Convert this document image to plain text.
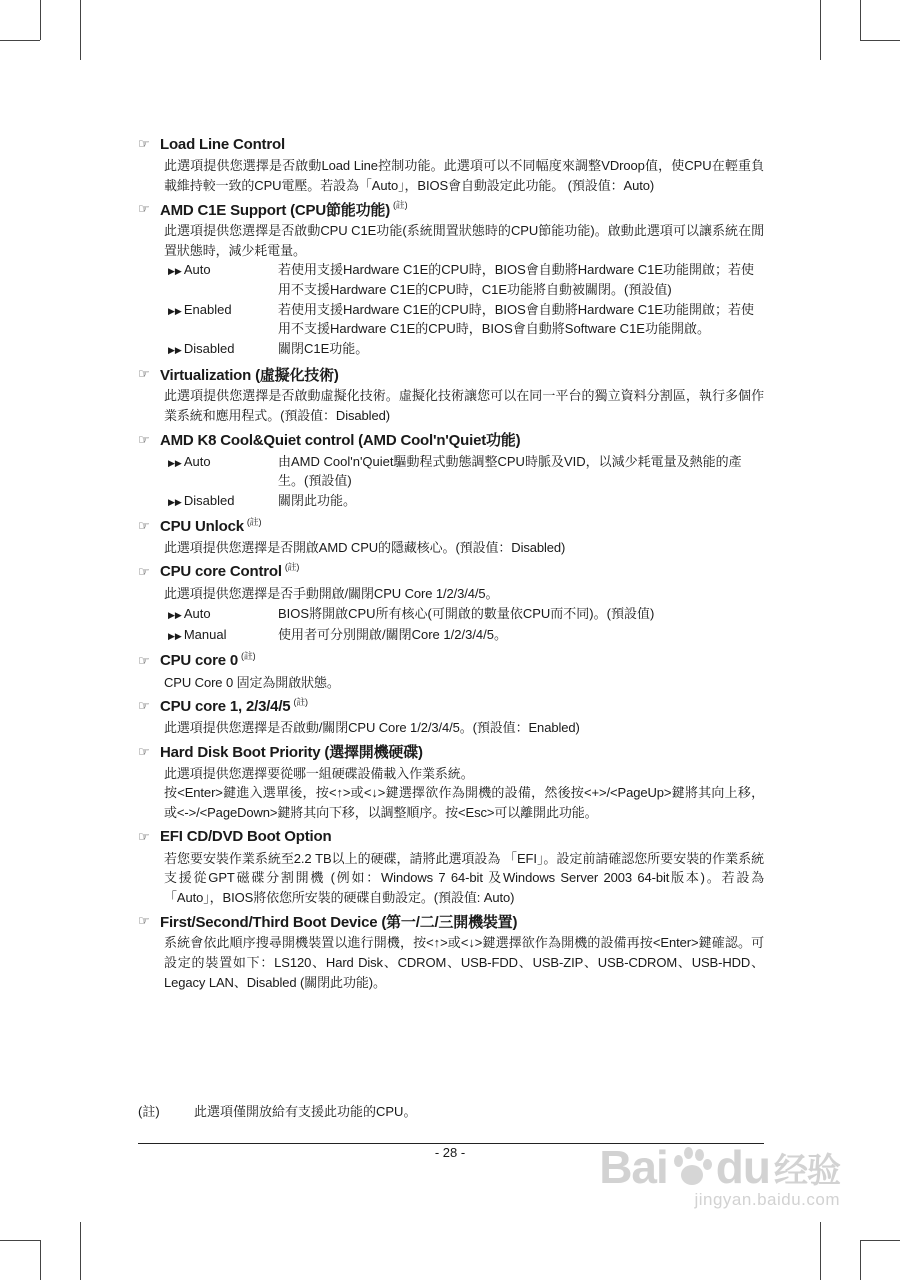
☞ Load Line Control
此選項提供您選擇是否啟動Load Line控制功能。此選項可以不同幅度來調整VDroop值，使CPU在輕重負載維持較一致的CPU電壓。若設為「Auto」，BIOS會自動設定此功能。 (預設值：Auto)
☞ AMD C1E Support (CPU節能功能) (註)
此選項提供您選擇是否啟動CPU C1E功能(系統閒置狀態時的CPU節能功能)。啟動此選項可以讓系統在閒置狀態時，減少耗電量。
▶▶ Auto	若使用支援Hardware C1E的CPU時，BIOS會自動將Hardware C1E功能開啟；若使用不支援Hardware C1E的CPU時，C1E功能將自動被關閉。(預設值)
▶▶ Enabled	若使用支援Hardware C1E的CPU時，BIOS會自動將Hardware C1E功能開啟；若使用不支援Hardware C1E的CPU時，BIOS會自動將Software C1E功能開啟。
▶▶ Disabled	關閉C1E功能。
☞ Virtualization (虛擬化技術)
此選項提供您選擇是否啟動虛擬化技術。虛擬化技術讓您可以在同一平台的獨立資料分割區，執行多個作業系統和應用程式。(預設值：Disabled)
☞ AMD K8 Cool&Quiet control (AMD Cool'n'Quiet功能)
▶▶ Auto	由AMD Cool'n'Quiet驅動程式動態調整CPU時脈及VID，以減少耗電量及熱能的產生。(預設值)
▶▶ Disabled	關閉此功能。
☞ CPU Unlock (註)
此選項提供您選擇是否開啟AMD CPU的隱藏核心。(預設值：Disabled)
☞ CPU core Control (註)
此選項提供您選擇是否手動開啟/關閉CPU Core 1/2/3/4/5。
▶▶ Auto	BIOS將開啟CPU所有核心(可開啟的數量依CPU而不同)。(預設值)
▶▶ Manual	使用者可分別開啟/關閉Core 1/2/3/4/5。
☞ CPU core 0 (註)
CPU Core 0 固定為開啟狀態。
☞ CPU core 1, 2/3/4/5 (註)
此選項提供您選擇是否啟動/關閉CPU Core 1/2/3/4/5。(預設值：Enabled)
☞ Hard Disk Boot Priority (選擇開機硬碟)
此選項提供您選擇要從哪一組硬碟設備載入作業系統。
按<Enter>鍵進入選單後，按<↑>或<↓>鍵選擇欲作為開機的設備，然後按<+>/<PageUp>鍵將其向上移，或<->/<PageDown>鍵將其向下移，以調整順序。按<Esc>可以離開此功能。
☞ EFI CD/DVD Boot Option
若您要安裝作業系統至2.2 TB以上的硬碟，請將此選項設為 「EFI」。設定前請確認您所要安裝的作業系統支援從GPT磁碟分割開機 (例如：Windows 7 64-bit 及Windows Server 2003 64-bit版本)。若設為 「Auto」，BIOS將依您所安裝的硬碟自動設定。(預設值: Auto)
☞ First/Second/Third Boot Device (第一/二/三開機裝置)
系統會依此順序搜尋開機裝置以進行開機，按<↑>或<↓>鍵選擇欲作為開機的設備再按<Enter>鍵確認。可設定的裝置如下：LS120、Hard Disk、CDROM、USB-FDD、USB-ZIP、USB-CDROM、USB-HDD、Legacy LAN、Disabled (關閉此功能)。
(註)	此選項僅開放給有支援此功能的CPU。
- 28 -	Bai du 经验
jingyan.baidu.com
